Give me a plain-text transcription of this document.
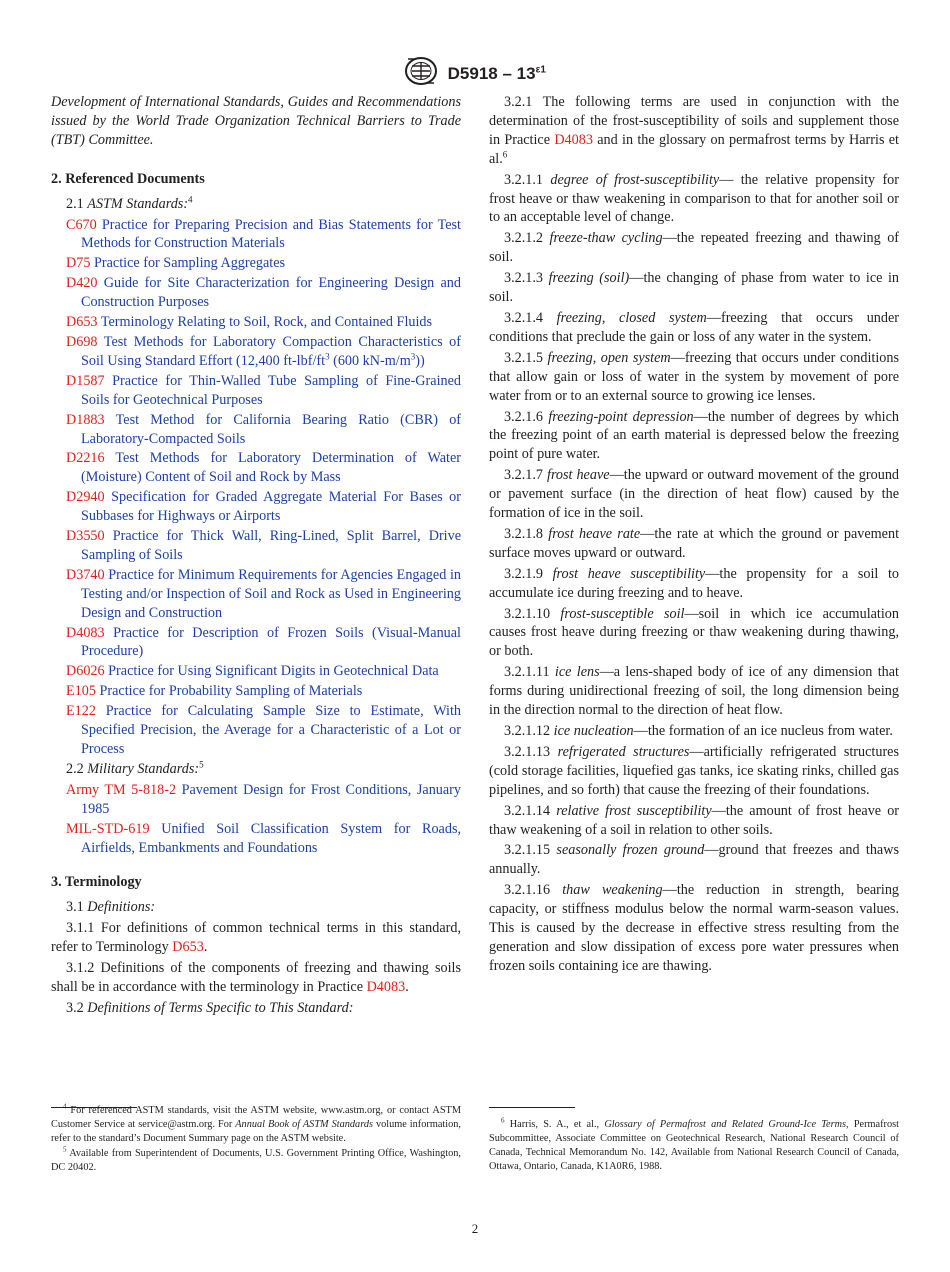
$D5918 - 13^{\varepsilon 1}$

Development of International Standards, Guides and Recommendations issued by the World Trade Organization Technical Barriers to Trade (TBT) Committee.

2. Referenced Documents

2.1 ASTM Standards:$^4$

C670 Practice for Preparing Precision and Bias Statements for Test Methods for Construction Materials

D75 Practice for Sampling Aggregates

D420 Guide for Site Characterization for Engineering Design and Construction Purposes

D653 Terminology Relating to Soil, Rock, and Contained Fluids

D698 Test Methods for Laboratory Compaction Characteristics of Soil Using Standard Effort (12,400 $ft-lbf/ft^3$ (600 $kN-m/m^3$))

D1587 Practice for Thin-Walled Tube Sampling of Fine-Grained Soils for Geotechnical Purposes

D1883 Test Method for California Bearing Ratio (CBR) of Laboratory-Compacted Soils

D2216 Test Methods for Laboratory Determination of Water (Moisture) Content of Soil and Rock by Mass

D2940 Specification for Graded Aggregate Material For Bases or Subbases for Highways or Airports

D3550 Practice for Thick Wall, Ring-Lined, Split Barrel, Drive Sampling of Soils

D3740 Practice for Minimum Requirements for Agencies Engaged in Testing and/or Inspection of Soil and Rock as Used in Engineering Design and Construction

D4083 Practice for Description of Frozen Soils (Visual-Manual Procedure)

D6026 Practice for Using Significant Digits in Geotechnical Data

E105 Practice for Probability Sampling of Materials

E122 Practice for Calculating Sample Size to Estimate, With Specified Precision, the Average for a Characteristic of a Lot or Process

2.2 Military Standards:$^5$

Army TM 5-818-2 Pavement Design for Frost Conditions, January 1985

MIL-STD-619 Unified Soil Classification System for Roads, Airfields, Embankments and Foundations

3. Terminology

3.1 Definitions:

3.1.1 For definitions of common technical terms in this standard, refer to Terminology D653.

3.1.2 Definitions of the components of freezing and thawing soils shall be in accordance with the terminology in Practice D4083.

3.2 Definitions of Terms Specific to This Standard:

3.2.1 The following terms are used in conjunction with the determination of the frost-susceptibility of soils and supplement those in Practice D4083 and in the glossary on permafrost terms by Harris et al.$^6$

3.2.1.1 degree of frost-susceptibility— the relative propensity for frost heave or thaw weakening in comparison to that for another soil or to an acceptable level of change.

3.2.1.2 freeze-thaw cycling—the repeated freezing and thawing of soil.

3.2.1.3 freezing (soil)—the changing of phase from water to ice in soil.

3.2.1.4 freezing, closed system—freezing that occurs under conditions that preclude the gain or loss of any water in the system.

3.2.1.5 freezing, open system—freezing that occurs under conditions that allow gain or loss of water in the system by movement of pore water from or to an external source to growing ice lenses.

3.2.1.6 freezing-point depression—the number of degrees by which the freezing point of an earth material is depressed below the freezing point of pure water.

3.2.1.7 frost heave—the upward or outward movement of the ground or pavement surface (in the direction of heat flow) caused by the formation of ice in the soil.

3.2.1.8 frost heave rate—the rate at which the ground or pavement surface moves upward or outward.

3.2.1.9 frost heave susceptibility—the propensity for a soil to accumulate ice during freezing and to heave.

3.2.1.10 frost-susceptible soil—soil in which ice accumulation causes frost heave during freezing or thaw weakening during thawing, or both.

3.2.1.11 ice lens—a lens-shaped body of ice of any dimension that forms during unidirectional freezing of soil, the long dimension being in the direction normal to the direction of heat flow.

3.2.1.12 ice nucleation—the formation of an ice nucleus from water.

3.2.1.13 refrigerated structures—artificially refrigerated structures (cold storage facilities, liquefied gas tanks, ice skating rinks, chilled gas pipelines, and so forth) that cause the freezing of their foundations.

3.2.1.14 relative frost susceptibility—the amount of frost heave or thaw weakening of a soil in relation to other soils.

3.2.1.15 seasonally frozen ground—ground that freezes and thaws annually.

3.2.1.16 thaw weakening—the reduction in strength, bearing capacity, or stiffness modulus below the normal warm-season values. This is caused by the decrease in effective stress resulting from the generation and slow dissipation of excess pore water pressures when frozen soils containing ice are thawing.

$^4$ For referenced ASTM standards, visit the ASTM website, www.astm.org, or contact ASTM Customer Service at service@astm.org. For Annual Book of ASTM Standards volume information, refer to the standard’s Document Summary page on the ASTM website.

$^5$ Available from Superintendent of Documents, U.S. Government Printing Office, Washington, DC 20402.

$^6$ Harris, S. A., et al., Glossary of Permafrost and Related Ground-Ice Terms, Permafrost Subcommittee, Associate Committee on Geotechnical Research, National Research Council of Canada, Technical Memorandum No. 142, Available from National Research Council of Canada, Ottawa, Ontario, Canada, K1A0R6, 1988.

2
